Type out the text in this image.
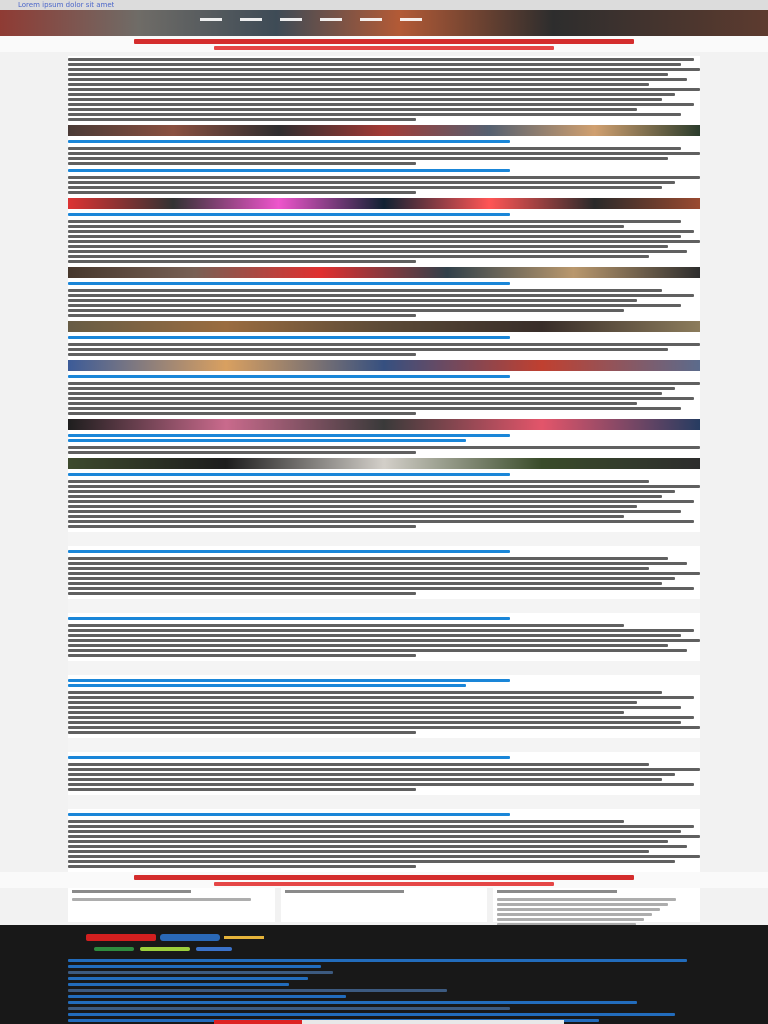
Lorem ipsum dolor sit amet
